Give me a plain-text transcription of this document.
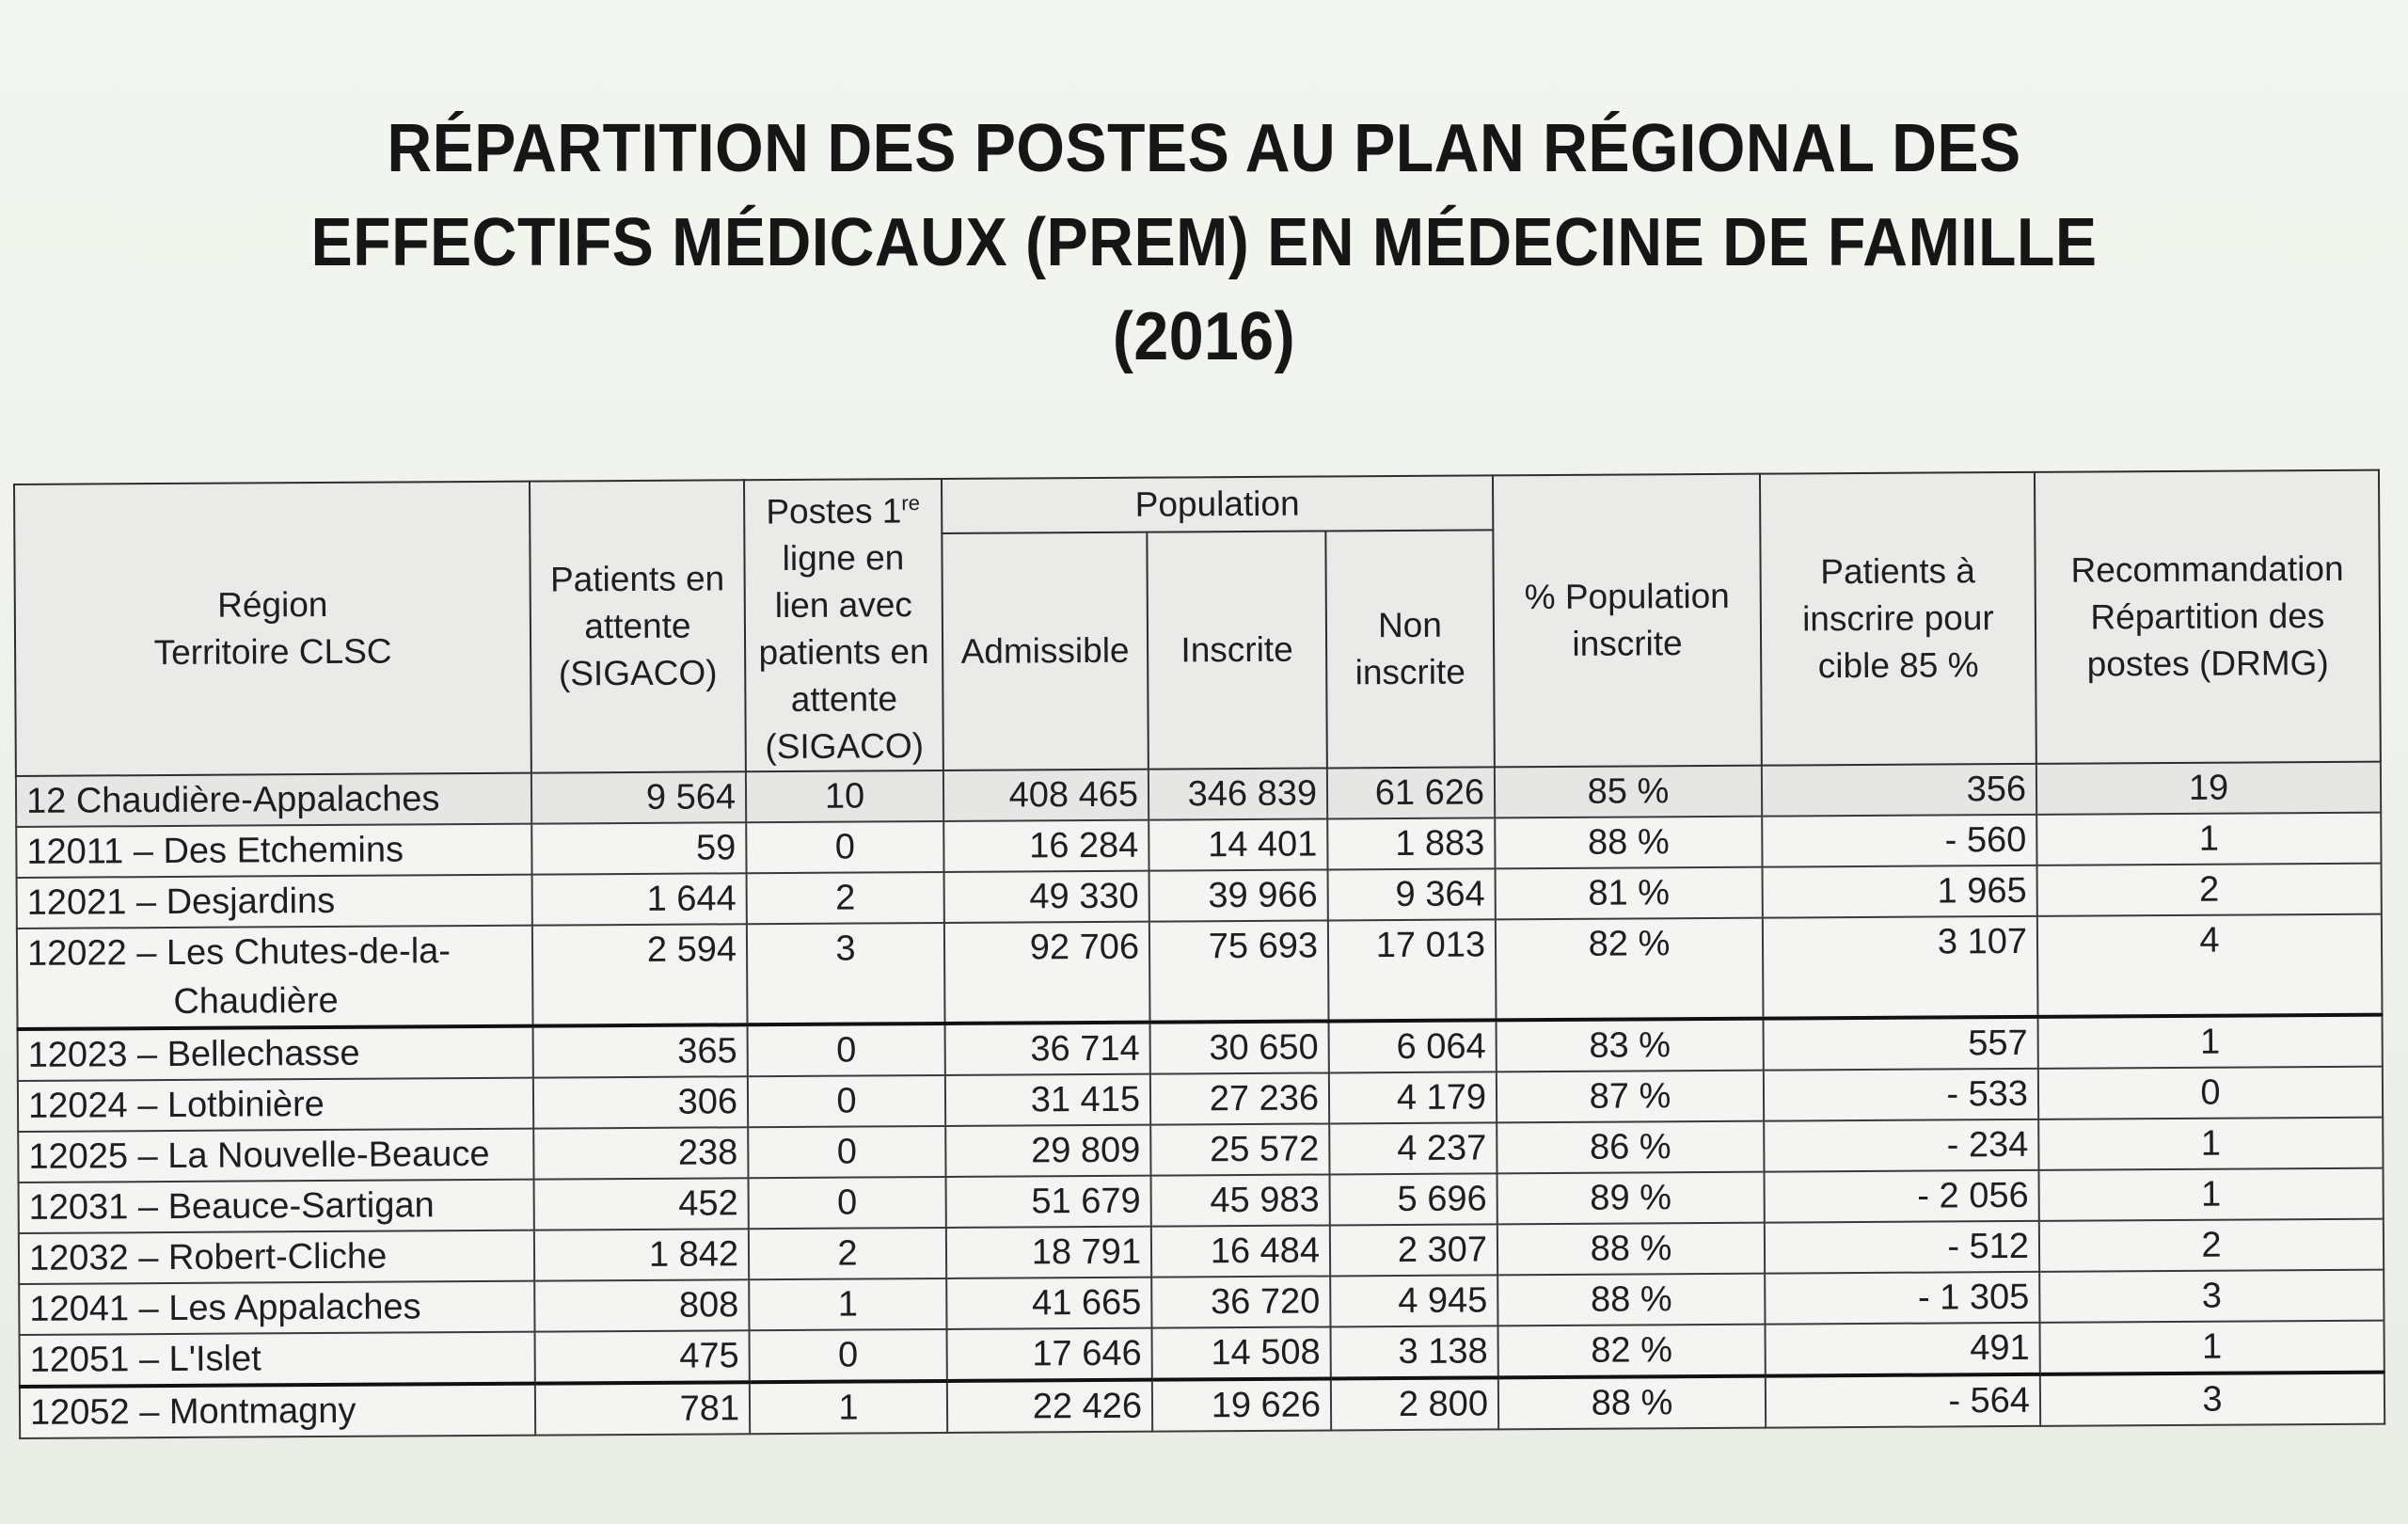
RÉPARTITION DES POSTES AU PLAN RÉGIONAL DES
EFFECTIFS MÉDICAUX (PREM) EN MÉDECINE DE FAMILLE
(2016)
Région
Territoire CLSC	Patients en attente (SIGACO)	Postes 1re ligne en lien avec patients en attente (SIGACO)	Population			% Population inscrite	Patients à inscrire pour cible 85 %	Recommandation Répartition des postes (DRMG)
			Admissible	Inscrite	Non inscrite			
12 Chaudière-Appalaches	9 564	10	408 465	346 839	61 626	85 %	356	19
12011 – Des Etchemins	59	0	16 284	14 401	1 883	88 %	- 560	1
12021 – Desjardins	1 644	2	49 330	39 966	9 364	81 %	1 965	2
12022 – Les Chutes-de-la-
Chaudière	2 594	3	92 706	75 693	17 013	82 %	3 107	4
12023 – Bellechasse	365	0	36 714	30 650	6 064	83 %	557	1
12024 – Lotbinière	306	0	31 415	27 236	4 179	87 %	- 533	0
12025 – La Nouvelle-Beauce	238	0	29 809	25 572	4 237	86 %	- 234	1
12031 – Beauce-Sartigan	452	0	51 679	45 983	5 696	89 %	- 2 056	1
12032 – Robert-Cliche	1 842	2	18 791	16 484	2 307	88 %	- 512	2
12041 – Les Appalaches	808	1	41 665	36 720	4 945	88 %	- 1 305	3
12051 – L'Islet	475	0	17 646	14 508	3 138	82 %	491	1
12052 – Montmagny	781	1	22 426	19 626	2 800	88 %	- 564	3
